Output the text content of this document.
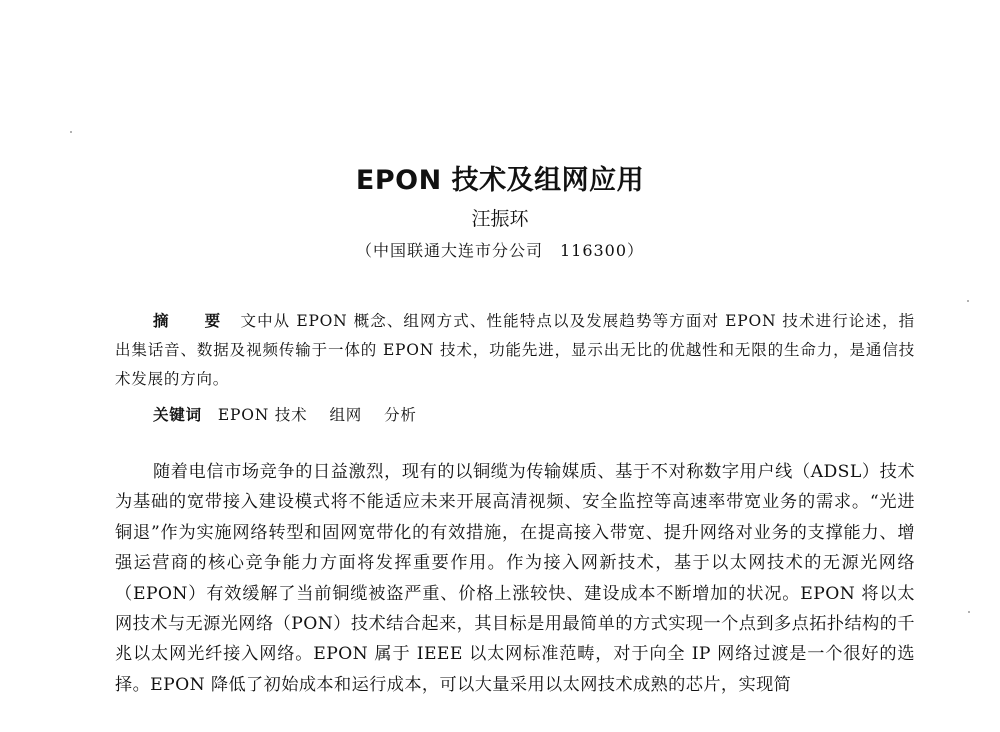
EPON 技术及组网应用
汪振环
（中国联通大连市分公司　116300）

摘　要 文中从 EPON 概念、组网方式、性能特点以及发展趋势等方面对 EPON 技术进行论述，指出集话音、数据及视频传输于一体的 EPON 技术，功能先进，显示出无比的优越性和无限的生命力，是通信技术发展的方向。

关键词 EPON 技术　 组网　 分析

随着电信市场竞争的日益激烈，现有的以铜缆为传输媒质、基于不对称数字用户线（ADSL）技术为基础的宽带接入建设模式将不能适应未来开展高清视频、安全监控等高速率带宽业务的需求。“光进铜退”作为实施网络转型和固网宽带化的有效措施，在提高接入带宽、提升网络对业务的支撑能力、增强运营商的核心竞争能力方面将发挥重要作用。作为接入网新技术，基于以太网技术的无源光网络（EPON）有效缓解了当前铜缆被盗严重、价格上涨较快、建设成本不断增加的状况。EPON 将以太网技术与无源光网络（PON）技术结合起来，其目标是用最简单的方式实现一个点到多点拓扑结构的千兆以太网光纤接入网络。EPON 属于 IEEE 以太网标准范畴，对于向全 IP 网络过渡是一个很好的选择。EPON 降低了初始成本和运行成本，可以大量采用以太网技术成熟的芯片，实现简
